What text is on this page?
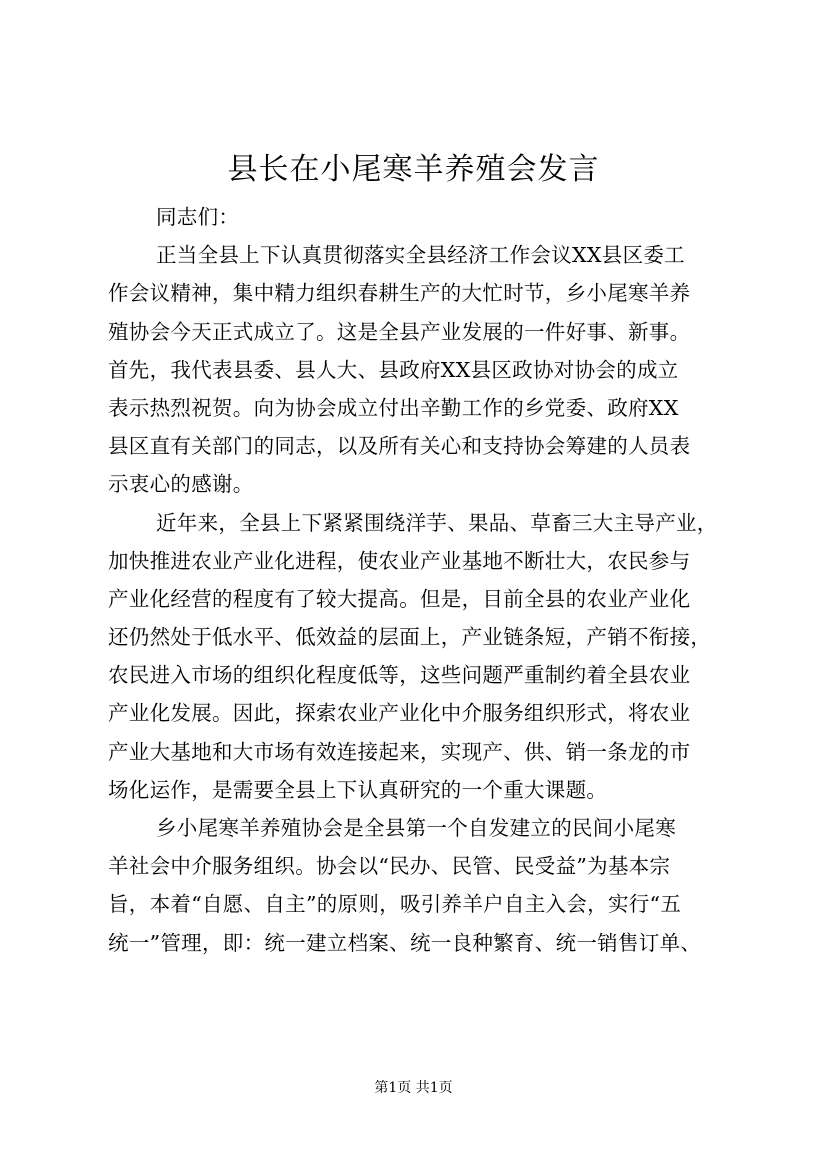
县长在小尾寒羊养殖会发言
同志们：
正当全县上下认真贯彻落实全县经济工作会议XX县区委工
作会议精神，集中精力组织春耕生产的大忙时节，乡小尾寒羊养
殖协会今天正式成立了。这是全县产业发展的一件好事、新事。
首先，我代表县委、县人大、县政府XX县区政协对协会的成立
表示热烈祝贺。向为协会成立付出辛勤工作的乡党委、政府XX
县区直有关部门的同志，以及所有关心和支持协会筹建的人员表
示衷心的感谢。
近年来，全县上下紧紧围绕洋芋、果品、草畜三大主导产业，
加快推进农业产业化进程，使农业产业基地不断壮大，农民参与
产业化经营的程度有了较大提高。但是，目前全县的农业产业化
还仍然处于低水平、低效益的层面上，产业链条短，产销不衔接，
农民进入市场的组织化程度低等，这些问题严重制约着全县农业
产业化发展。因此，探索农业产业化中介服务组织形式，将农业
产业大基地和大市场有效连接起来，实现产、供、销一条龙的市
场化运作，是需要全县上下认真研究的一个重大课题。
乡小尾寒羊养殖协会是全县第一个自发建立的民间小尾寒
羊社会中介服务组织。协会以“民办、民管、民受益”为基本宗
旨，本着“自愿、自主”的原则，吸引养羊户自主入会，实行“五
统一”管理，即：统一建立档案、统一良种繁育、统一销售订单、
第1页 共1页
